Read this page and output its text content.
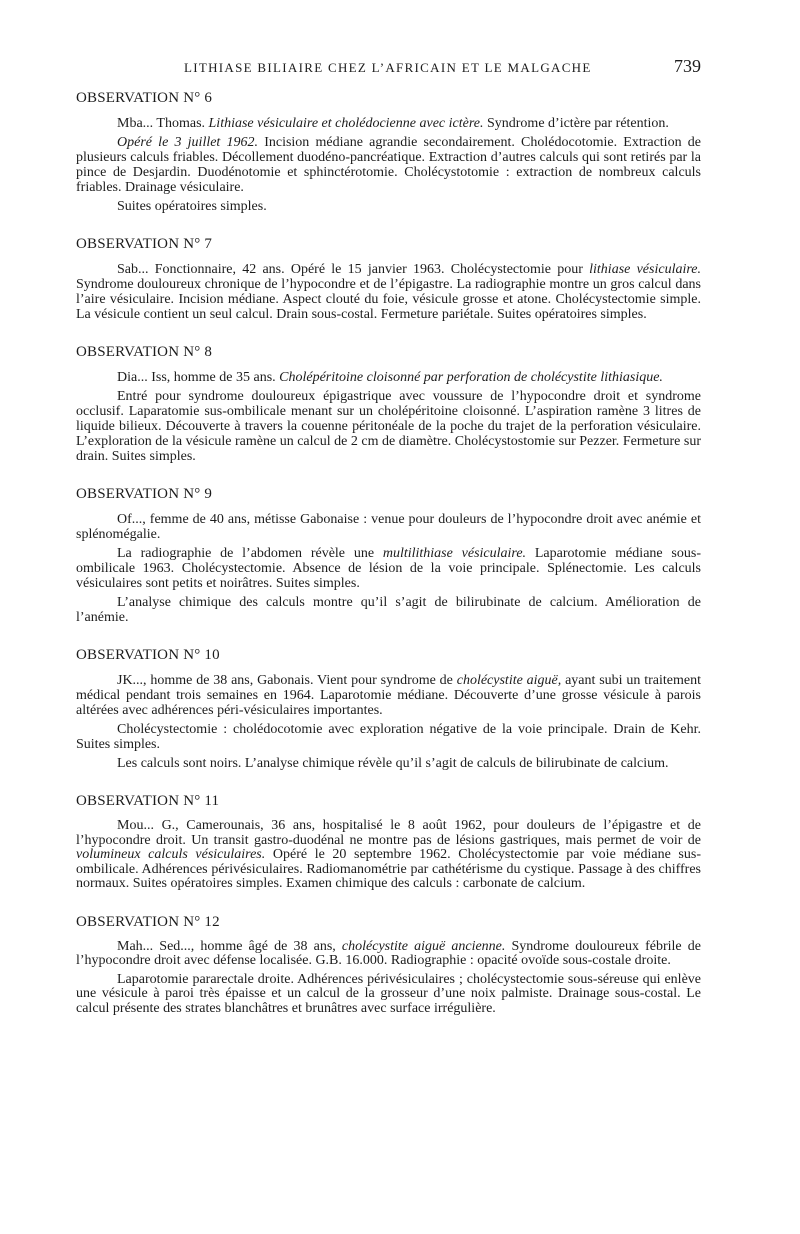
LITHIASE BILIAIRE CHEZ L’AFRICAIN ET LE MALGACHE	739
OBSERVATION N° 6

Mba... Thomas. Lithiase vésiculaire et cholédocienne avec ictère. Syndrome d’ictère par rétention.

Opéré le 3 juillet 1962. Incision médiane agrandie secondairement. Cholédocotomie. Extraction de plusieurs calculs friables. Décollement duodéno-pancréatique. Extraction d’autres calculs qui sont retirés par la pince de Desjardin. Duodénotomie et sphinctérotomie. Cholécystotomie : extraction de nombreux calculs friables. Drainage vésiculaire.

Suites opératoires simples.

OBSERVATION N° 7

Sab... Fonctionnaire, 42 ans. Opéré le 15 janvier 1963. Cholécystectomie pour lithiase vésiculaire. Syndrome douloureux chronique de l’hypocondre et de l’épigastre. La radiographie montre un gros calcul dans l’aire vésiculaire. Incision médiane. Aspect clouté du foie, vésicule grosse et atone. Cholécystectomie simple. La vésicule contient un seul calcul. Drain sous-costal. Fermeture pariétale. Suites opératoires simples.

OBSERVATION N° 8

Dia... Iss, homme de 35 ans. Cholépéritoine cloisonné par perforation de cholécystite lithiasique.

Entré pour syndrome douloureux épigastrique avec voussure de l’hypocondre droit et syndrome occlusif. Laparatomie sus-ombilicale menant sur un cholépéritoine cloisonné. L’aspiration ramène 3 litres de liquide bilieux. Découverte à travers la couenne péritonéale de la poche du trajet de la perforation vésiculaire. L’exploration de la vésicule ramène un calcul de 2 cm de diamètre. Cholécystostomie sur Pezzer. Fermeture sur drain. Suites simples.

OBSERVATION N° 9

Of..., femme de 40 ans, métisse Gabonaise : venue pour douleurs de l’hypocondre droit avec anémie et splénomégalie.

La radiographie de l’abdomen révèle une multilithiase vésiculaire. Laparotomie médiane sous-ombilicale 1963. Cholécystectomie. Absence de lésion de la voie principale. Splénectomie. Les calculs vésiculaires sont petits et noirâtres. Suites simples.

L’analyse chimique des calculs montre qu’il s’agit de bilirubinate de calcium. Amélioration de l’anémie.

OBSERVATION N° 10

JK..., homme de 38 ans, Gabonais. Vient pour syndrome de cholécystite aiguë, ayant subi un traitement médical pendant trois semaines en 1964. Laparotomie médiane. Découverte d’une grosse vésicule à parois altérées avec adhérences péri-vésiculaires importantes.

Cholécystectomie : cholédocotomie avec exploration négative de la voie principale. Drain de Kehr. Suites simples.

Les calculs sont noirs. L’analyse chimique révèle qu’il s’agit de calculs de bilirubinate de calcium.

OBSERVATION N° 11

Mou... G., Camerounais, 36 ans, hospitalisé le 8 août 1962, pour douleurs de l’épigastre et de l’hypocondre droit. Un transit gastro-duodénal ne montre pas de lésions gastriques, mais permet de voir de volumineux calculs vésiculaires. Opéré le 20 septembre 1962. Cholécystectomie par voie médiane sus-ombilicale. Adhérences périvésiculaires. Radiomanométrie par cathétérisme du cystique. Passage à des chiffres normaux. Suites opératoires simples. Examen chimique des calculs : carbonate de calcium.

OBSERVATION N° 12

Mah... Sed..., homme âgé de 38 ans, cholécystite aiguë ancienne. Syndrome douloureux fébrile de l’hypocondre droit avec défense localisée. G.B. 16.000. Radiographie : opacité ovoïde sous-costale droite.

Laparotomie pararectale droite. Adhérences périvésiculaires ; cholécystectomie sous-séreuse qui enlève une vésicule à paroi très épaisse et un calcul de la grosseur d’une noix palmiste. Drainage sous-costal. Le calcul présente des strates blanchâtres et brunâtres avec surface irrégulière.
